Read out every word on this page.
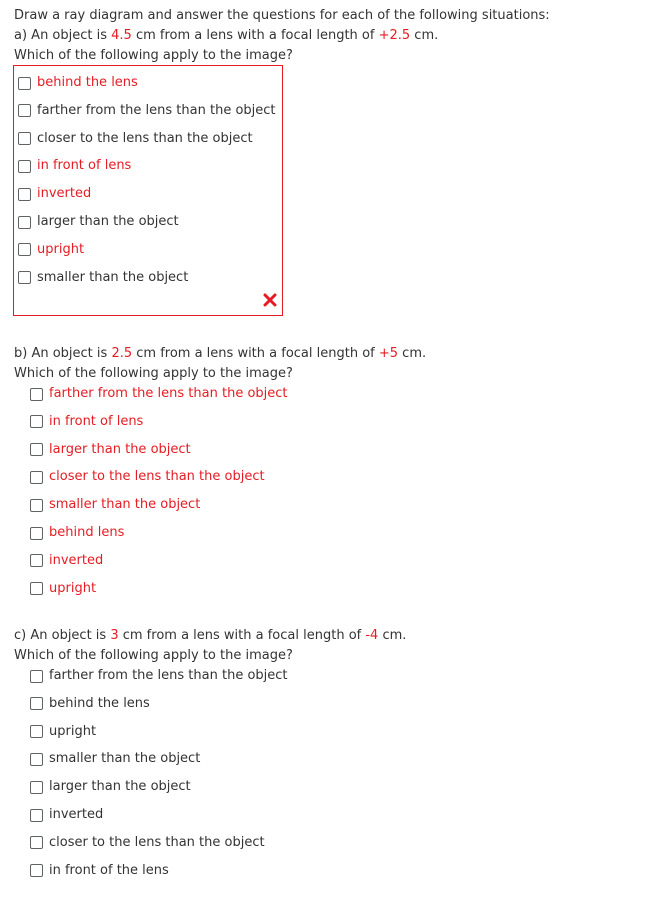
Draw a ray diagram and answer the questions for each of the following situations:
a) An object is 4.5 cm from a lens with a focal length of +2.5 cm.
Which of the following apply to the image?
behind the lens
farther from the lens than the object
closer to the lens than the object
in front of lens
inverted
larger than the object
upright
smaller than the object
b) An object is 2.5 cm from a lens with a focal length of +5 cm.
Which of the following apply to the image?
farther from the lens than the object
in front of lens
larger than the object
closer to the lens than the object
smaller than the object
behind lens
inverted
upright
c) An object is 3 cm from a lens with a focal length of -4 cm.
Which of the following apply to the image?
farther from the lens than the object
behind the lens
upright
smaller than the object
larger than the object
inverted
closer to the lens than the object
in front of the lens
